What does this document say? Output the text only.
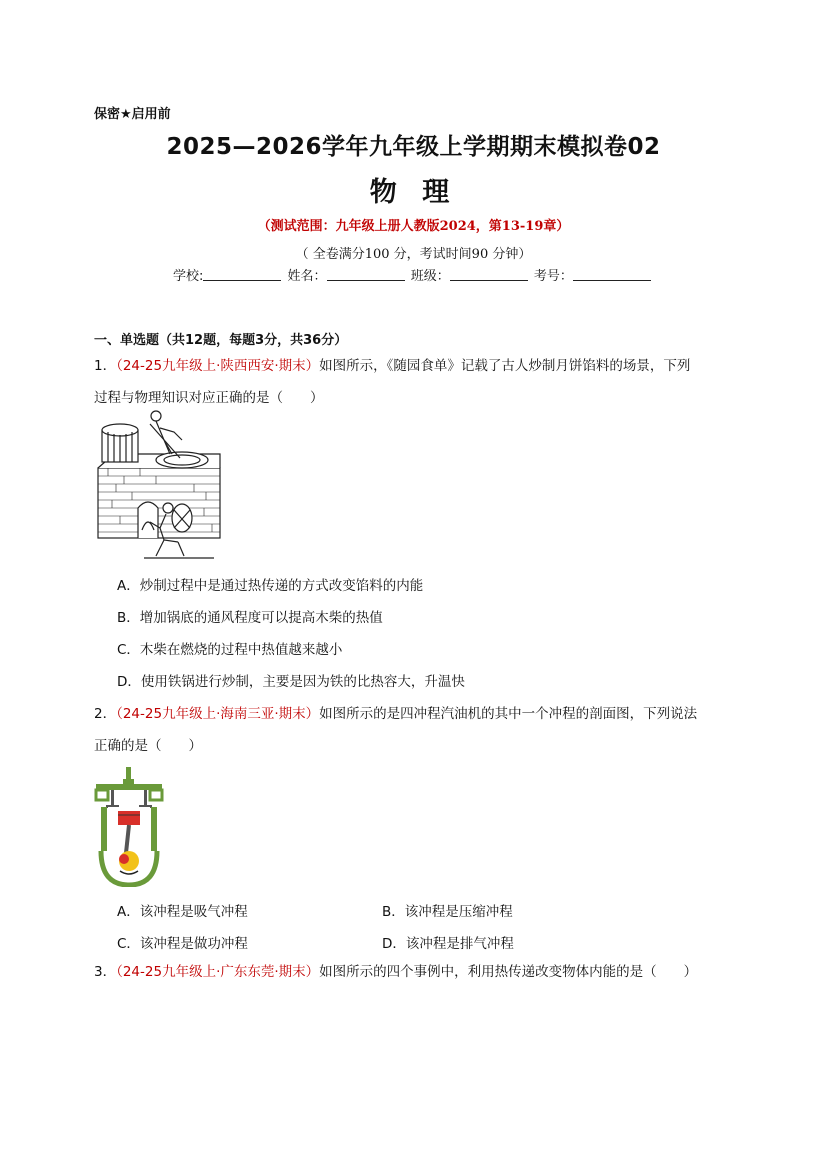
保密★启用前
2025—2026学年九年级上学期期末模拟卷02
物 理
（测试范围：九年级上册人教版2024，第13-19章）
（ 全卷满分100 分，考试时间90 分钟）
学校:	姓名：	班级：	考号：
一、单选题（共12题，每题3分，共36分）
1．（24-25九年级上·陕西西安·期末）如图所示，《随园食单》记载了古人炒制月饼馅料的场景，下列
过程与物理知识对应正确的是（　　）
A．炒制过程中是通过热传递的方式改变馅料的内能
B．增加锅底的通风程度可以提高木柴的热值
C．木柴在燃烧的过程中热值越来越小
D．使用铁锅进行炒制，主要是因为铁的比热容大，升温快
2．（24-25九年级上·海南三亚·期末）如图所示的是四冲程汽油机的其中一个冲程的剖面图，下列说法
正确的是（　　）
A．该冲程是吸气冲程	B．该冲程是压缩冲程
C．该冲程是做功冲程	D．该冲程是排气冲程
3．（24-25九年级上·广东东莞·期末）如图所示的四个事例中，利用热传递改变物体内能的是（　　）
